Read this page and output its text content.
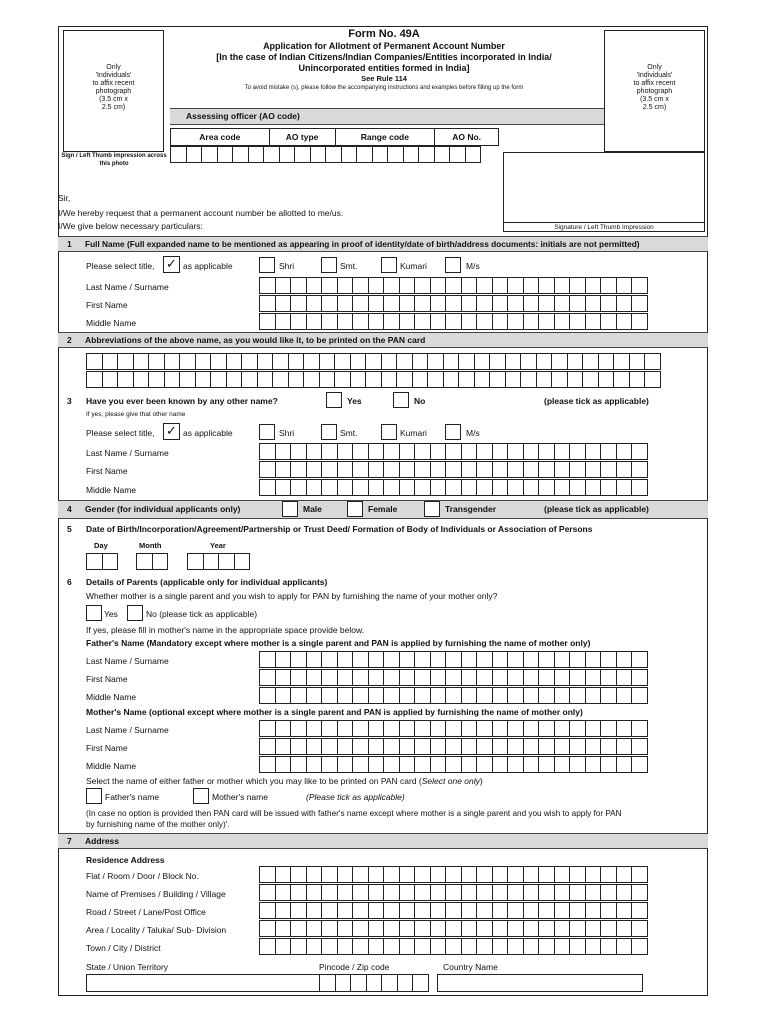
Only
'Individuals'
to affix recent
photograph
(3.5 cm x
2.5 cm)
Sign / Left Thumb impression across this photo
Only
'Individuals'
to affix recent
photograph
(3.5 cm x
2.5 cm)
Form No. 49A
Application for Allotment of Permanent Account Number
[In the case of Indian Citizens/Indian Companies/Entities incorporated in India/
Unincorporated entities formed in India]
See Rule 114
To avoid mistake (s), please follow the accompanying instructions and examples before filling up the form
Assessing officer (AO code)
Area code	AO type	Range code	AO No.
Signature / Left Thumb Impression
Sir,
I/We hereby request that a permanent account number be allotted to me/us.
I/We give below necessary particulars:
1 Full Name (Full expanded name to be mentioned as appearing in proof of identity/date of birth/address documents: initials are not permitted)
Please select title, ✓ as applicable	Shri	Smt.	Kumari	M/s
Last Name / Surname
First Name
Middle Name
2 Abbreviations of the above name, as you would like it, to be printed on the PAN card
3 Have you ever been known by any other name?	Yes	No	(please tick as applicable)
If yes, please give that other name
Please select title, ✓ as applicable	Shri	Smt.	Kumari	M/s
Last Name / Surname
First Name
Middle Name
4 Gender (for individual applicants only)	Male	Female	Transgender	(please tick as applicable)
5 Date of Birth/Incorporation/Agreement/Partnership or Trust Deed/ Formation of Body of Individuals or Association of Persons
Day	Month	Year
6 Details of Parents (applicable only for individual applicants)
Whether mother is a single parent and you wish to apply for PAN by furnishing the name of your mother only?
Yes	No (please tick as applicable)
If yes, please fill in mother's name in the appropriate space provide below.
Father's Name (Mandatory except where mother is a single parent and PAN is applied by furnishing the name of mother only)
Last Name / Surname
First Name
Middle Name
Mother's Name (optional except where mother is a single parent and PAN is applied by furnishing the name of mother only)
Last Name / Surname
First Name
Middle Name
Select the name of either father or mother which you may like to be printed on PAN card (Select one only)
Father's name	Mother's name	(Please tick as applicable)
(In case no option is provided then PAN card will be issued with father's name except where mother is a single parent and you wish to apply for PAN
by furnishing name of the mother only)'.
7 Address
Residence Address
Flat / Room / Door / Block No.
Name of Premises / Building / Village
Road / Street / Lane/Post Office
Area / Locality / Taluka/ Sub- Division
Town / City / District
State / Union Territory	Pincode / Zip code	Country Name
